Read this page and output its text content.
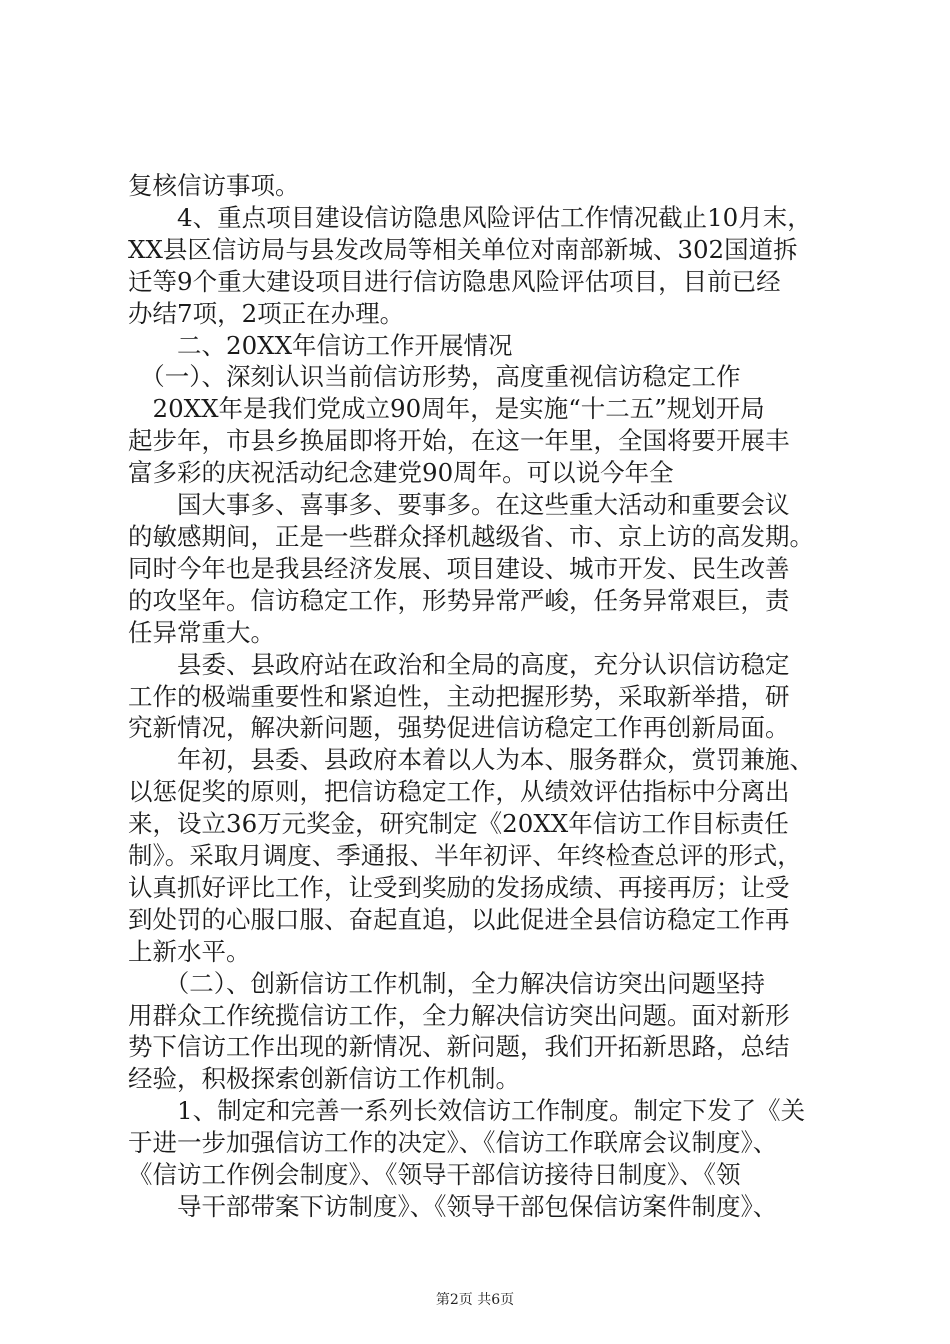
复核信访事项。
　　4、重点项目建设信访隐患风险评估工作情况截止10月末，
XX县区信访局与县发改局等相关单位对南部新城、302国道拆
迁等9个重大建设项目进行信访隐患风险评估项目，目前已经
办结7项，2项正在办理。
　　二、20XX年信访工作开展情况
　（一）、深刻认识当前信访形势，高度重视信访稳定工作
　20XX年是我们党成立90周年，是实施“十二五”规划开局
起步年，市县乡换届即将开始，在这一年里，全国将要开展丰
富多彩的庆祝活动纪念建党90周年。可以说今年全
　　国大事多、喜事多、要事多。在这些重大活动和重要会议
的敏感期间，正是一些群众择机越级省、市、京上访的高发期。
同时今年也是我县经济发展、项目建设、城市开发、民生改善
的攻坚年。信访稳定工作，形势异常严峻，任务异常艰巨，责
任异常重大。
　　县委、县政府站在政治和全局的高度，充分认识信访稳定
工作的极端重要性和紧迫性，主动把握形势，采取新举措，研
究新情况，解决新问题，强势促进信访稳定工作再创新局面。
　　年初，县委、县政府本着以人为本、服务群众，赏罚兼施、
以惩促奖的原则，把信访稳定工作，从绩效评估指标中分离出
来，设立36万元奖金，研究制定《20XX年信访工作目标责任
制》。采取月调度、季通报、半年初评、年终检查总评的形式，
认真抓好评比工作，让受到奖励的发扬成绩、再接再厉；让受
到处罚的心服口服、奋起直追，以此促进全县信访稳定工作再
上新水平。
　　（二）、创新信访工作机制，全力解决信访突出问题坚持
用群众工作统揽信访工作，全力解决信访突出问题。面对新形
势下信访工作出现的新情况、新问题，我们开拓新思路，总结
经验，积极探索创新信访工作机制。
　　1、制定和完善一系列长效信访工作制度。制定下发了《关
于进一步加强信访工作的决定》、《信访工作联席会议制度》、
《信访工作例会制度》、《领导干部信访接待日制度》、《领
　　导干部带案下访制度》、《领导干部包保信访案件制度》、
第2页 共6页
